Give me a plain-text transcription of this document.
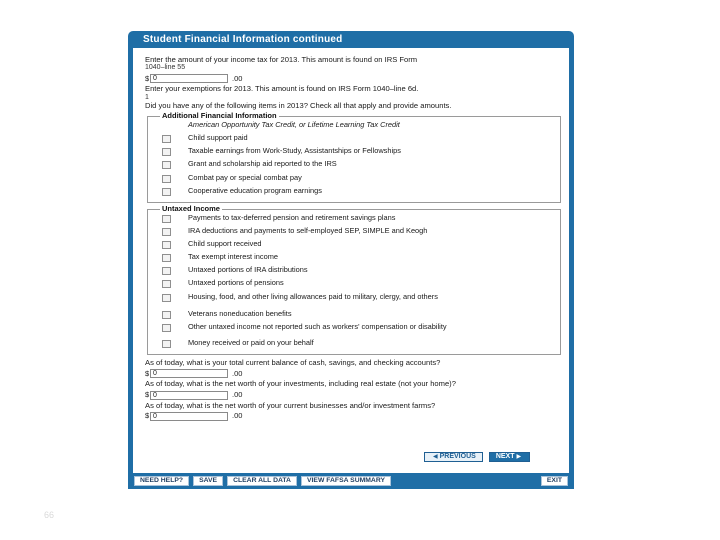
Student Financial Information continued
Enter the amount of your income tax for 2013. This amount is found on IRS Form
1040–line 55
$
0	.00
Enter your exemptions for 2013. This amount is found on IRS Form 1040–line 6d.
1
Did you have any of the following items in 2013? Check all that apply and provide amounts.
Additional Financial Information
American Opportunity Tax Credit, or Lifetime Learning Tax Credit
Child support paid
Taxable earnings from Work-Study, Assistantships or Fellowships
Grant and scholarship aid reported to the IRS
Combat pay or special combat pay
Cooperative education program earnings
Untaxed Income
Payments to tax-deferred pension and retirement savings plans
IRA deductions and payments to self-employed SEP, SIMPLE and Keogh
Child support received
Tax exempt interest income
Untaxed portions of IRA distributions
Untaxed portions of pensions
Housing, food, and other living allowances paid to military, clergy, and others
Veterans noneducation benefits
Other untaxed income not reported such as workers' compensation or disability
Money received or paid on your behalf
As of today, what is your total current balance of cash, savings, and checking accounts?
$
0	.00
As of today, what is the net worth of your investments, including real estate (not your home)?
$
0	.00
As of today, what is the net worth of your current businesses and/or investment farms?
$
0	.00
◀ PREVIOUS	NEXT ▶
NEED HELP?	SAVE	CLEAR ALL DATA	VIEW FAFSA SUMMARY	EXIT
66
